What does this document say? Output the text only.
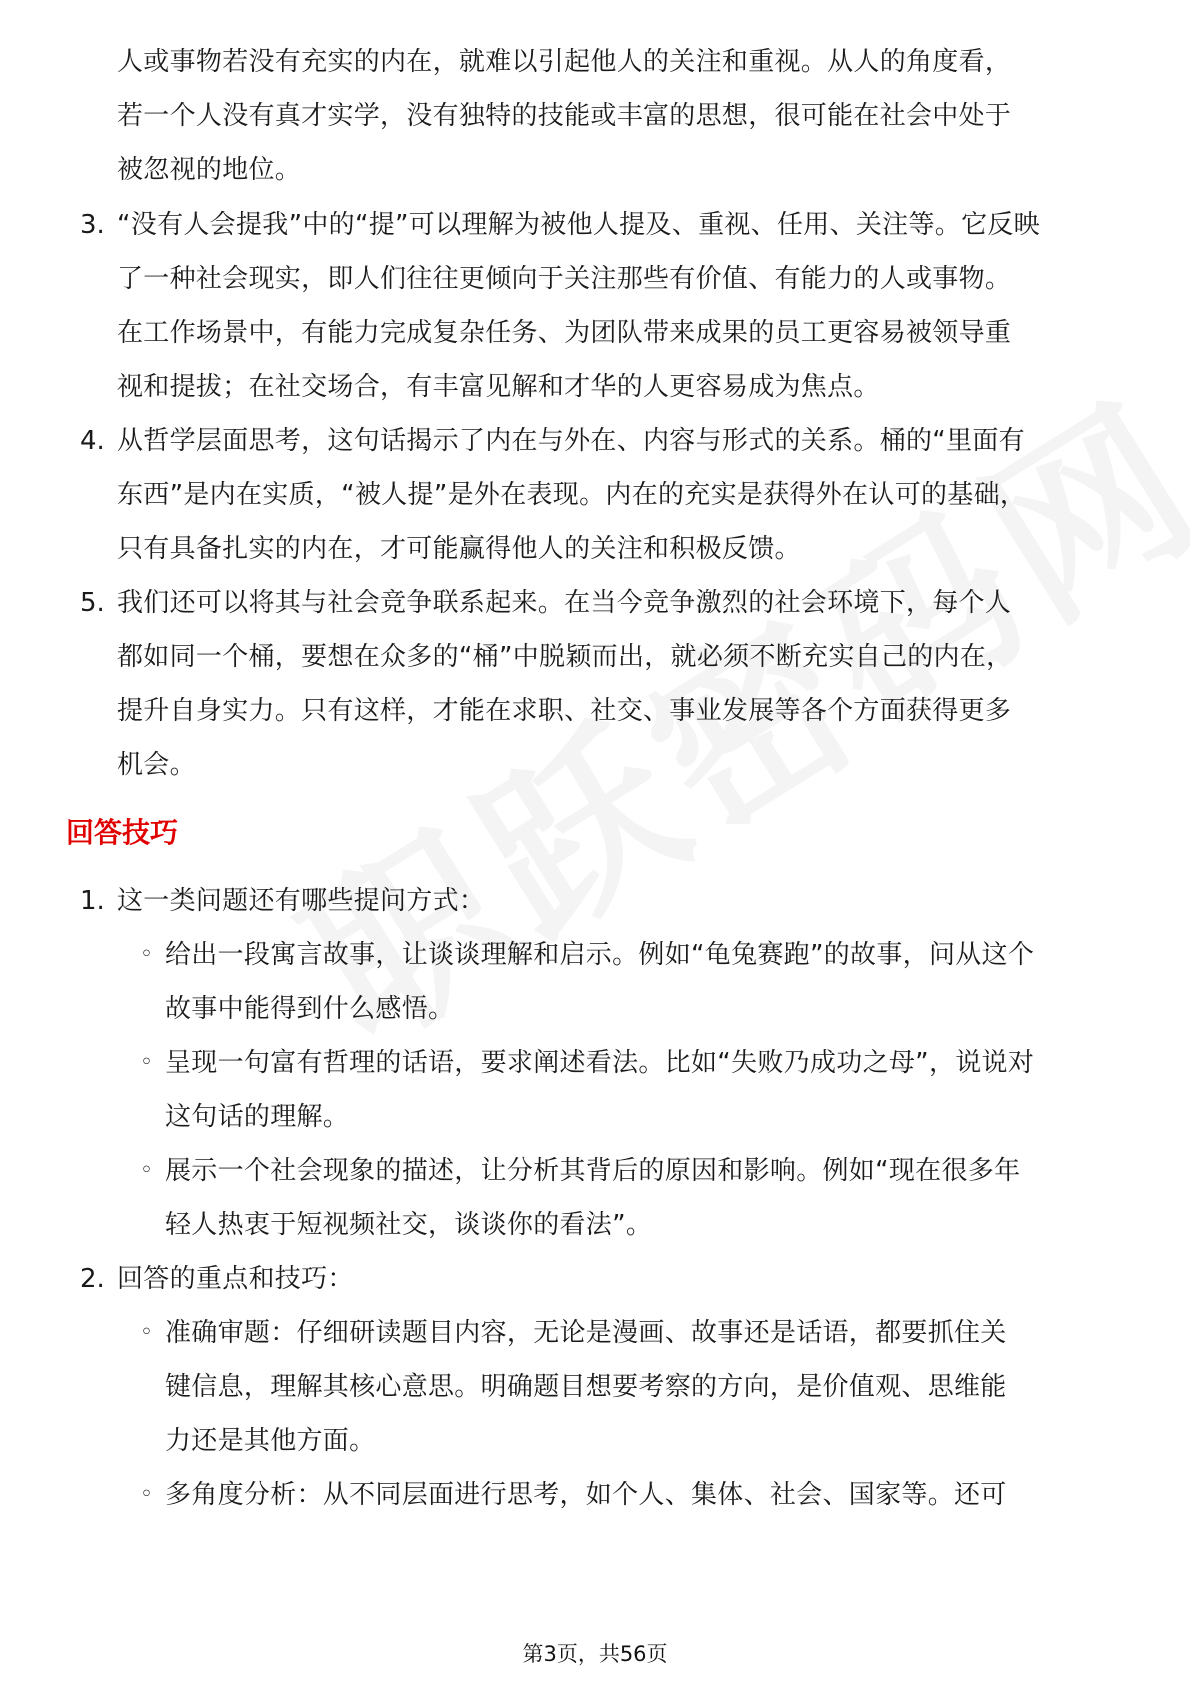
人或事物若没有充实的内在，就难以引起他人的关注和重视。从人的角度看，
若一个人没有真才实学，没有独特的技能或丰富的思想，很可能在社会中处于
被忽视的地位。
3. “没有人会提我”中的“提”可以理解为被他人提及、重视、任用、关注等。它反映
了一种社会现实，即人们往往更倾向于关注那些有价值、有能力的人或事物。
在工作场景中，有能力完成复杂任务、为团队带来成果的员工更容易被领导重
视和提拔；在社交场合，有丰富见解和才华的人更容易成为焦点。
4. 从哲学层面思考，这句话揭示了内在与外在、内容与形式的关系。桶的“里面有
东西”是内在实质，“被人提”是外在表现。内在的充实是获得外在认可的基础，
只有具备扎实的内在，才可能赢得他人的关注和积极反馈。
5. 我们还可以将其与社会竞争联系起来。在当今竞争激烈的社会环境下，每个人
都如同一个桶，要想在众多的“桶”中脱颖而出，就必须不断充实自己的内在，
提升自身实力。只有这样，才能在求职、社交、事业发展等各个方面获得更多
机会。
回答技巧
1. 这一类问题还有哪些提问方式：
◦ 给出一段寓言故事，让谈谈理解和启示。例如“龟兔赛跑”的故事，问从这个
故事中能得到什么感悟。
◦ 呈现一句富有哲理的话语，要求阐述看法。比如“失败乃成功之母”，说说对
这句话的理解。
◦ 展示一个社会现象的描述，让分析其背后的原因和影响。例如“现在很多年
轻人热衷于短视频社交，谈谈你的看法”。
2. 回答的重点和技巧：
◦ 准确审题：仔细研读题目内容，无论是漫画、故事还是话语，都要抓住关
键信息，理解其核心意思。明确题目想要考察的方向，是价值观、思维能
力还是其他方面。
◦ 多角度分析：从不同层面进行思考，如个人、集体、社会、国家等。还可
第3页，共56页
